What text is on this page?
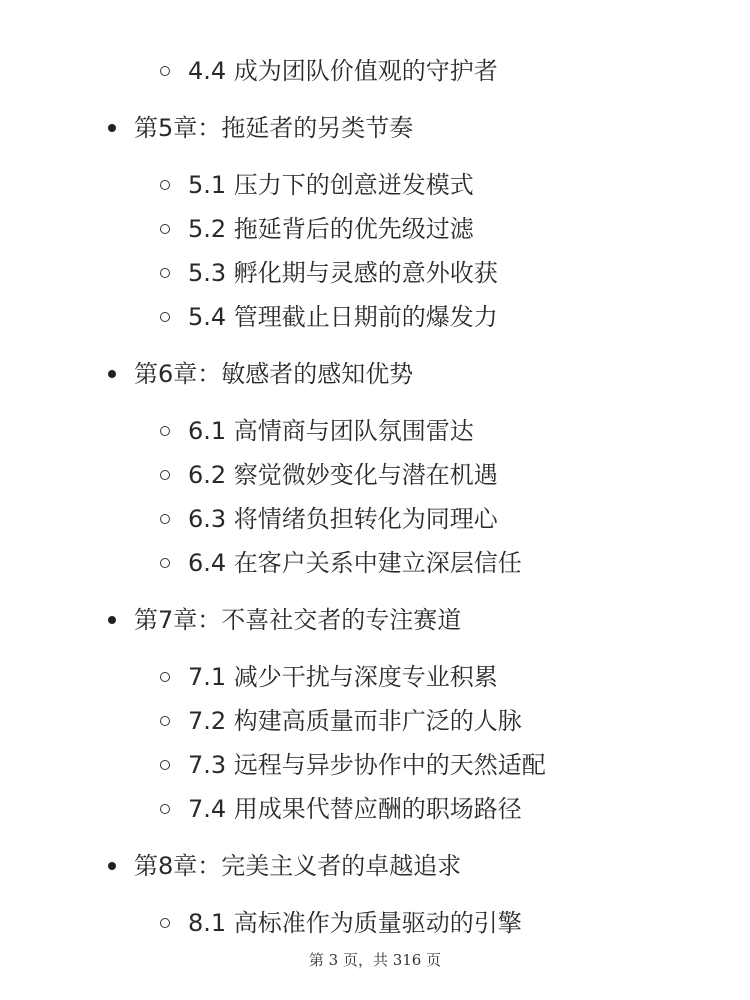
4.4 成为团队价值观的守护者
第5章：拖延者的另类节奏
5.1 压力下的创意迸发模式
5.2 拖延背后的优先级过滤
5.3 孵化期与灵感的意外收获
5.4 管理截止日期前的爆发力
第6章：敏感者的感知优势
6.1 高情商与团队氛围雷达
6.2 察觉微妙变化与潜在机遇
6.3 将情绪负担转化为同理心
6.4 在客户关系中建立深层信任
第7章：不喜社交者的专注赛道
7.1 减少干扰与深度专业积累
7.2 构建高质量而非广泛的人脉
7.3 远程与异步协作中的天然适配
7.4 用成果代替应酬的职场路径
第8章：完美主义者的卓越追求
8.1 高标准作为质量驱动的引擎
第 3 页，共 316 页
